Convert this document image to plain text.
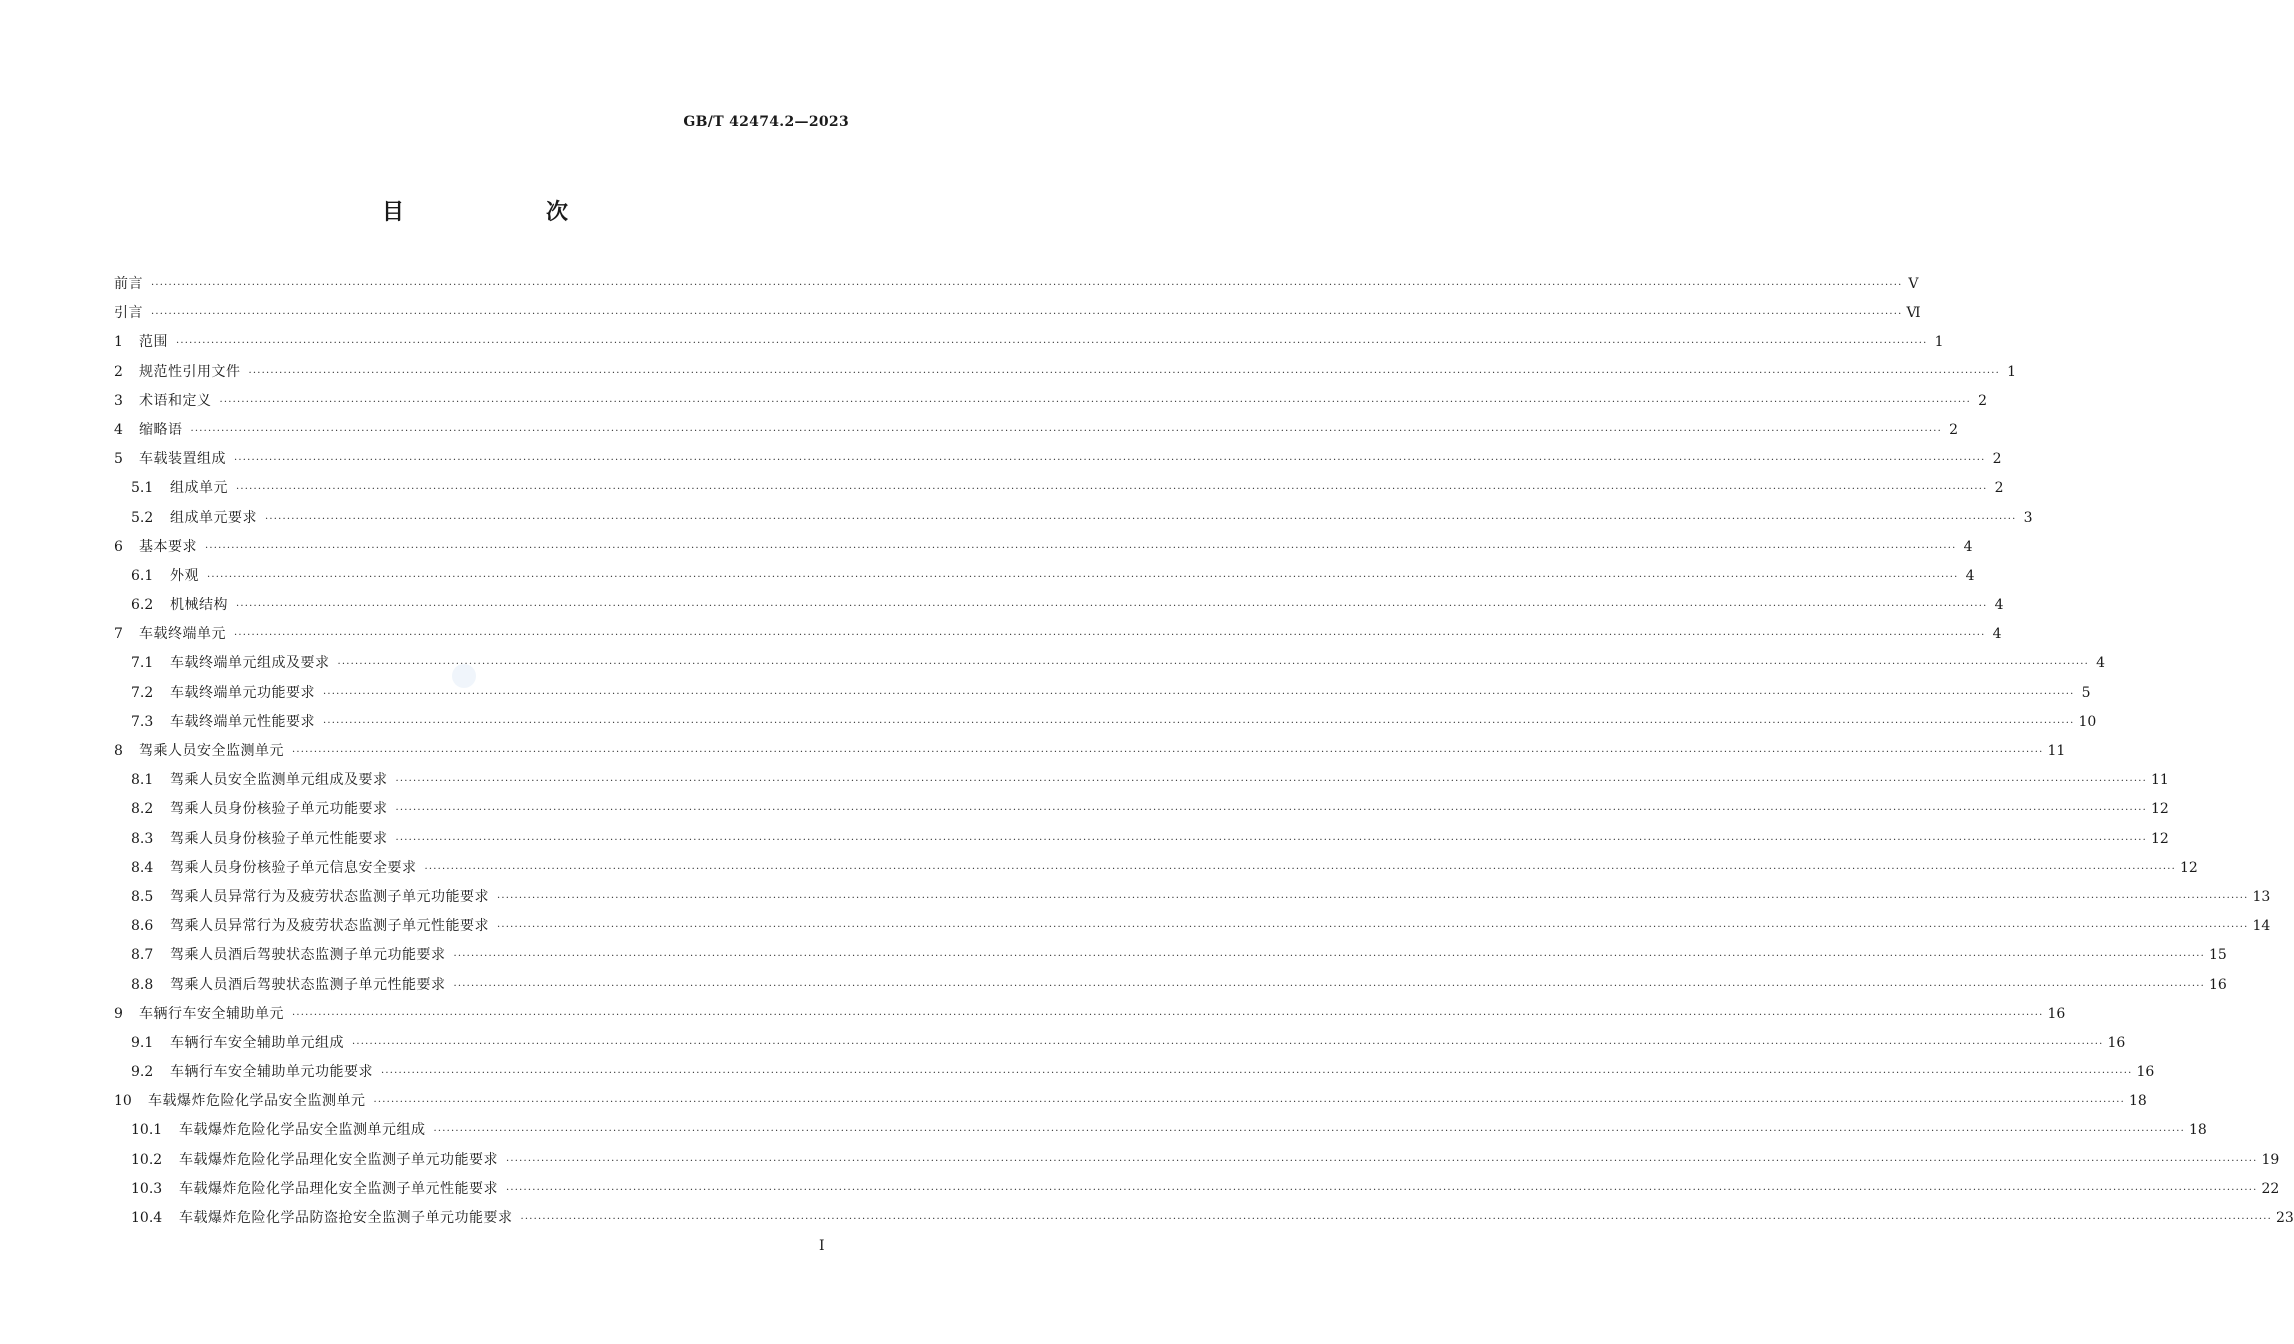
GB/T 42474.2—2023
目　次
前言 ················································································································································································································································································································································································································ Ⅴ
引言 ················································································································································································································································································································································································································ Ⅵ
1	范围 ················································································································································································································································································································································································································ 1
2	规范性引用文件 ················································································································································································································································································································································································································ 1
3	术语和定义 ················································································································································································································································································································································································································ 2
4	缩略语 ················································································································································································································································································································································································································ 2
5	车载装置组成 ················································································································································································································································································································································································································ 2
5.1	组成单元 ················································································································································································································································································································································································································ 2
5.2	组成单元要求 ················································································································································································································································································································································································································ 3
6	基本要求 ················································································································································································································································································································································································································ 4
6.1	外观 ················································································································································································································································································································································································································ 4
6.2	机械结构 ················································································································································································································································································································································································································ 4
7	车载终端单元 ················································································································································································································································································································································································································ 4
7.1	车载终端单元组成及要求 ················································································································································································································································································································································································································ 4
7.2	车载终端单元功能要求 ················································································································································································································································································································································································································ 5
7.3	车载终端单元性能要求 ················································································································································································································································································································································································································ 10
8	驾乘人员安全监测单元 ················································································································································································································································································································································································································ 11
8.1	驾乘人员安全监测单元组成及要求 ················································································································································································································································································································································································································ 11
8.2	驾乘人员身份核验子单元功能要求 ················································································································································································································································································································································································································ 12
8.3	驾乘人员身份核验子单元性能要求 ················································································································································································································································································································································································································ 12
8.4	驾乘人员身份核验子单元信息安全要求 ················································································································································································································································································································································································································ 12
8.5	驾乘人员异常行为及疲劳状态监测子单元功能要求 ················································································································································································································································································································································································································ 13
8.6	驾乘人员异常行为及疲劳状态监测子单元性能要求 ················································································································································································································································································································································································································ 14
8.7	驾乘人员酒后驾驶状态监测子单元功能要求 ················································································································································································································································································································································································································ 15
8.8	驾乘人员酒后驾驶状态监测子单元性能要求 ················································································································································································································································································································································································································ 16
9	车辆行车安全辅助单元 ················································································································································································································································································································································································································ 16
9.1	车辆行车安全辅助单元组成 ················································································································································································································································································································································································································ 16
9.2	车辆行车安全辅助单元功能要求 ················································································································································································································································································································································································································ 16
10	车载爆炸危险化学品安全监测单元 ················································································································································································································································································································································································································ 18
10.1	车载爆炸危险化学品安全监测单元组成 ················································································································································································································································································································································································································ 18
10.2	车载爆炸危险化学品理化安全监测子单元功能要求 ················································································································································································································································································································································································································ 19
10.3	车载爆炸危险化学品理化安全监测子单元性能要求 ················································································································································································································································································································································································································ 22
10.4	车载爆炸危险化学品防盗抢安全监测子单元功能要求 ················································································································································································································································································································································································································ 23
Ⅰ
